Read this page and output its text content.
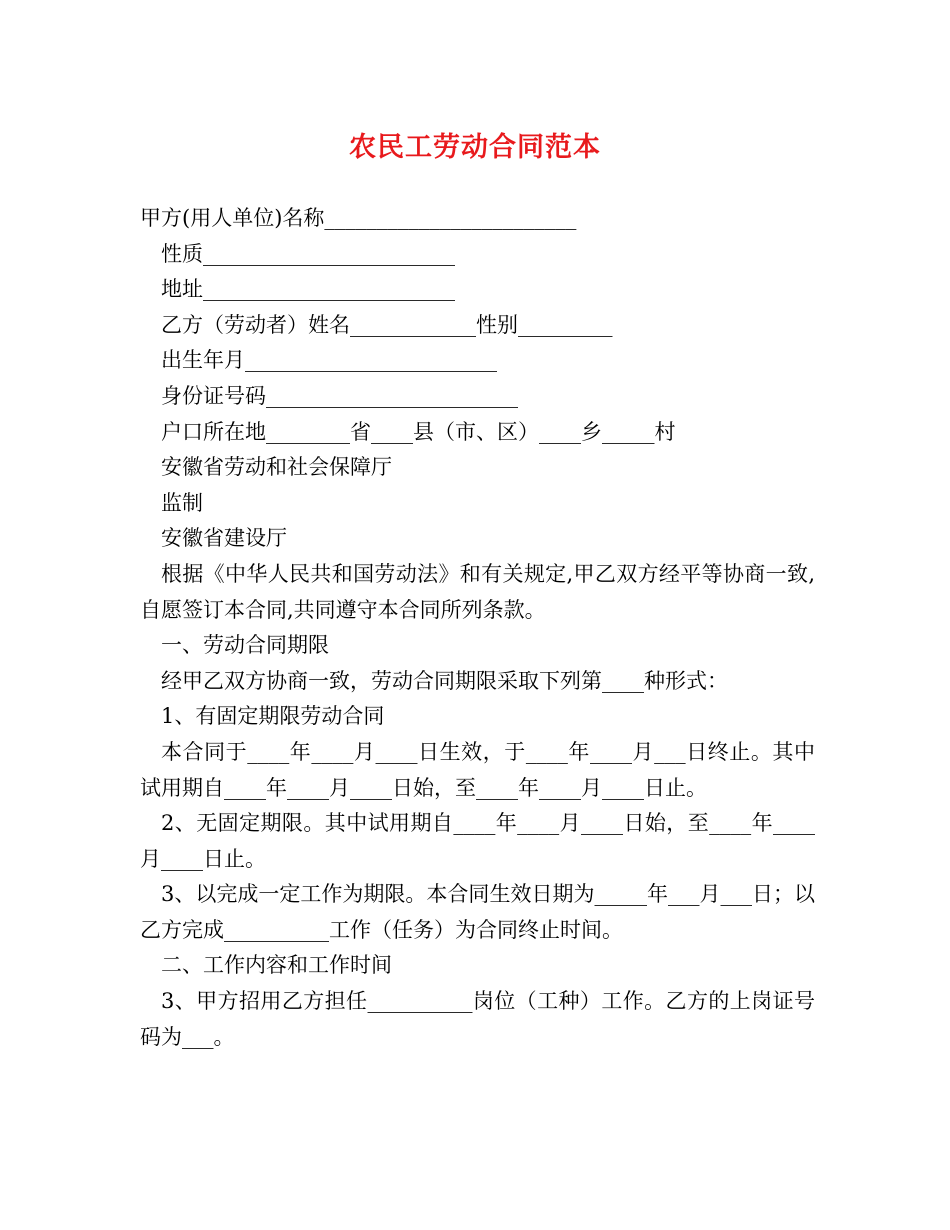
农民工劳动合同范本

甲方(用人单位)名称________________________

性质________________________

地址________________________

乙方（劳动者）姓名____________性别_________

出生年月________________________

身份证号码________________________

户口所在地________省____县（市、区）____乡_____村

安徽省劳动和社会保障厅

监制

安徽省建设厅

根据《中华人民共和国劳动法》和有关规定,甲乙双方经平等协商一致,自愿签订本合同,共同遵守本合同所列条款。

一、劳动合同期限

经甲乙双方协商一致，劳动合同期限采取下列第____种形式：

1、有固定期限劳动合同

本合同于____年____月____日生效，于____年____月___日终止。其中试用期自____年____月____日始，至____年____月____日止。

2、无固定期限。其中试用期自____年____月____日始，至____年____月____日止。

3、以完成一定工作为期限。本合同生效日期为_____年___月___日；以乙方完成__________工作（任务）为合同终止时间。

二、工作内容和工作时间

3、甲方招用乙方担任__________岗位（工种）工作。乙方的上岗证号码为___。
